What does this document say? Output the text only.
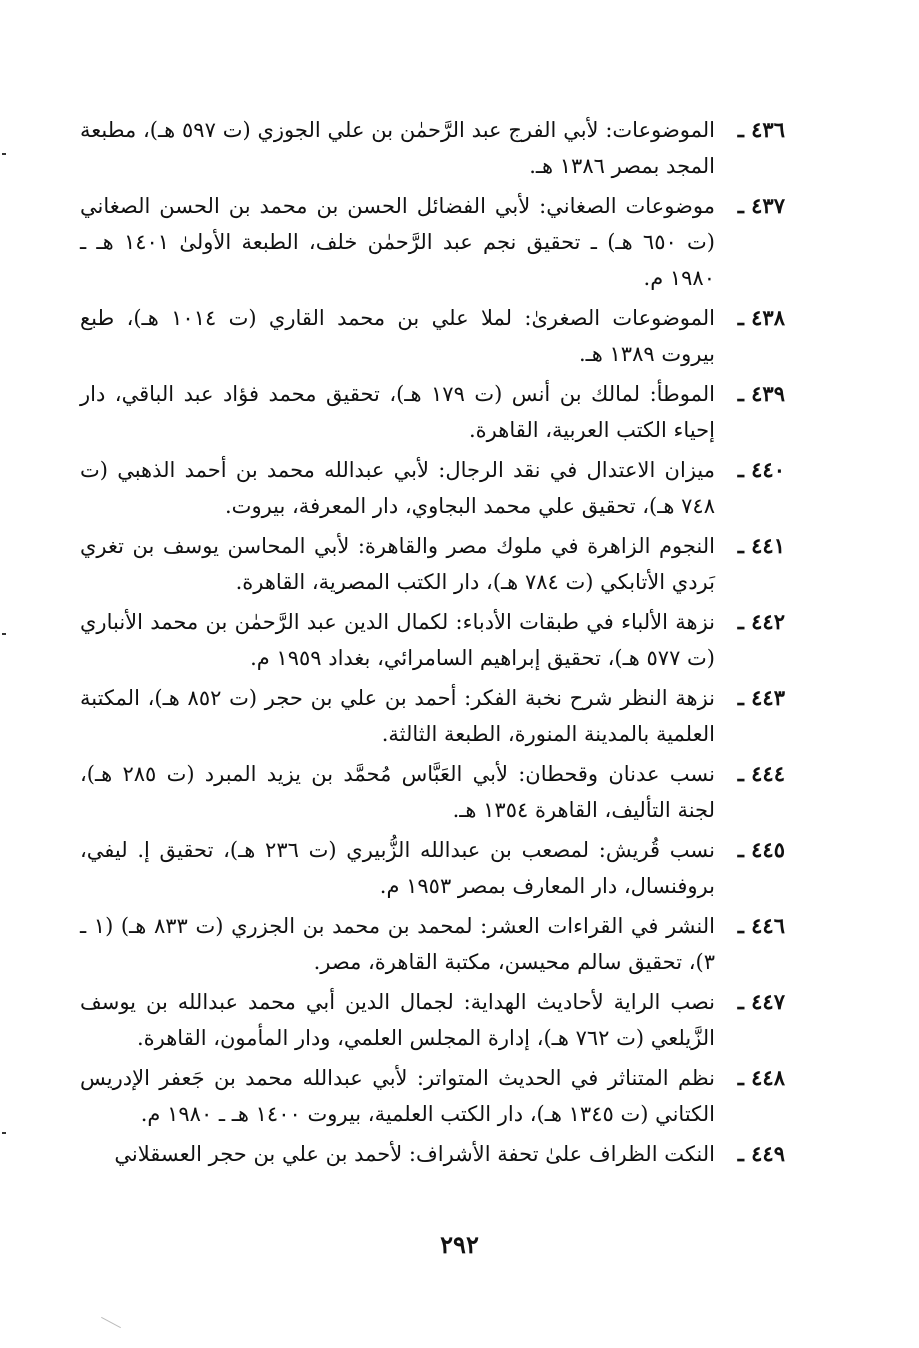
٤٣٦ ـ
الموضوعات: لأبي الفرج عبد الرَّحمٰن بن علي الجوزي (ت ٥٩٧ هـ)، مطبعة المجد بمصر ١٣٨٦ هـ.
٤٣٧ ـ
موضوعات الصغاني: لأبي الفضائل الحسن بن محمد بن الحسن الصغاني (ت ٦٥٠ هـ) ـ تحقيق نجم عبد الرَّحمٰن خلف، الطبعة الأولىٰ ١٤٠١ هـ ـ ١٩٨٠ م.
٤٣٨ ـ
الموضوعات الصغرىٰ: لملا علي بن محمد القاري (ت ١٠١٤ هـ)، طبع بيروت ١٣٨٩ هـ.
٤٣٩ ـ
الموطأ: لمالك بن أنس (ت ١٧٩ هـ)، تحقيق محمد فؤاد عبد الباقي، دار إحياء الكتب العربية، القاهرة.
٤٤٠ ـ
ميزان الاعتدال في نقد الرجال: لأبي عبدالله محمد بن أحمد الذهبي (ت ٧٤٨ هـ)، تحقيق علي محمد البجاوي، دار المعرفة، بيروت.
٤٤١ ـ
النجوم الزاهرة في ملوك مصر والقاهرة: لأبي المحاسن يوسف بن تغري بَردي الأتابكي (ت ٧٨٤ هـ)، دار الكتب المصرية، القاهرة.
٤٤٢ ـ
نزهة الألباء في طبقات الأدباء: لكمال الدين عبد الرَّحمٰن بن محمد الأنباري (ت ٥٧٧ هـ)، تحقيق إبراهيم السامرائي، بغداد ١٩٥٩ م.
٤٤٣ ـ
نزهة النظر شرح نخبة الفكر: أحمد بن علي بن حجر (ت ٨٥٢ هـ)، المكتبة العلمية بالمدينة المنورة، الطبعة الثالثة.
٤٤٤ ـ
نسب عدنان وقحطان: لأبي العَبَّاس مُحمَّد بن يزيد المبرد (ت ٢٨٥ هـ)، لجنة التأليف، القاهرة ١٣٥٤ هـ.
٤٤٥ ـ
نسب قُريش: لمصعب بن عبدالله الزُّبيري (ت ٢٣٦ هـ)، تحقيق إ. ليفي، بروفنسال، دار المعارف بمصر ١٩٥٣ م.
٤٤٦ ـ
النشر في القراءات العشر: لمحمد بن محمد بن الجزري (ت ٨٣٣ هـ) (١ ـ ٣)، تحقيق سالم محيسن، مكتبة القاهرة، مصر.
٤٤٧ ـ
نصب الراية لأحاديث الهداية: لجمال الدين أبي محمد عبدالله بن يوسف الزَّيلعي (ت ٧٦٢ هـ)، إدارة المجلس العلمي، ودار المأمون، القاهرة.
٤٤٨ ـ
نظم المتناثر في الحديث المتواتر: لأبي عبدالله محمد بن جَعفر الإدريس الكتاني (ت ١٣٤٥ هـ)، دار الكتب العلمية، بيروت ١٤٠٠ هـ ـ ١٩٨٠ م.
٤٤٩ ـ
النكت الظراف علىٰ تحفة الأشراف: لأحمد بن علي بن حجر العسقلاني
٢٩٢
